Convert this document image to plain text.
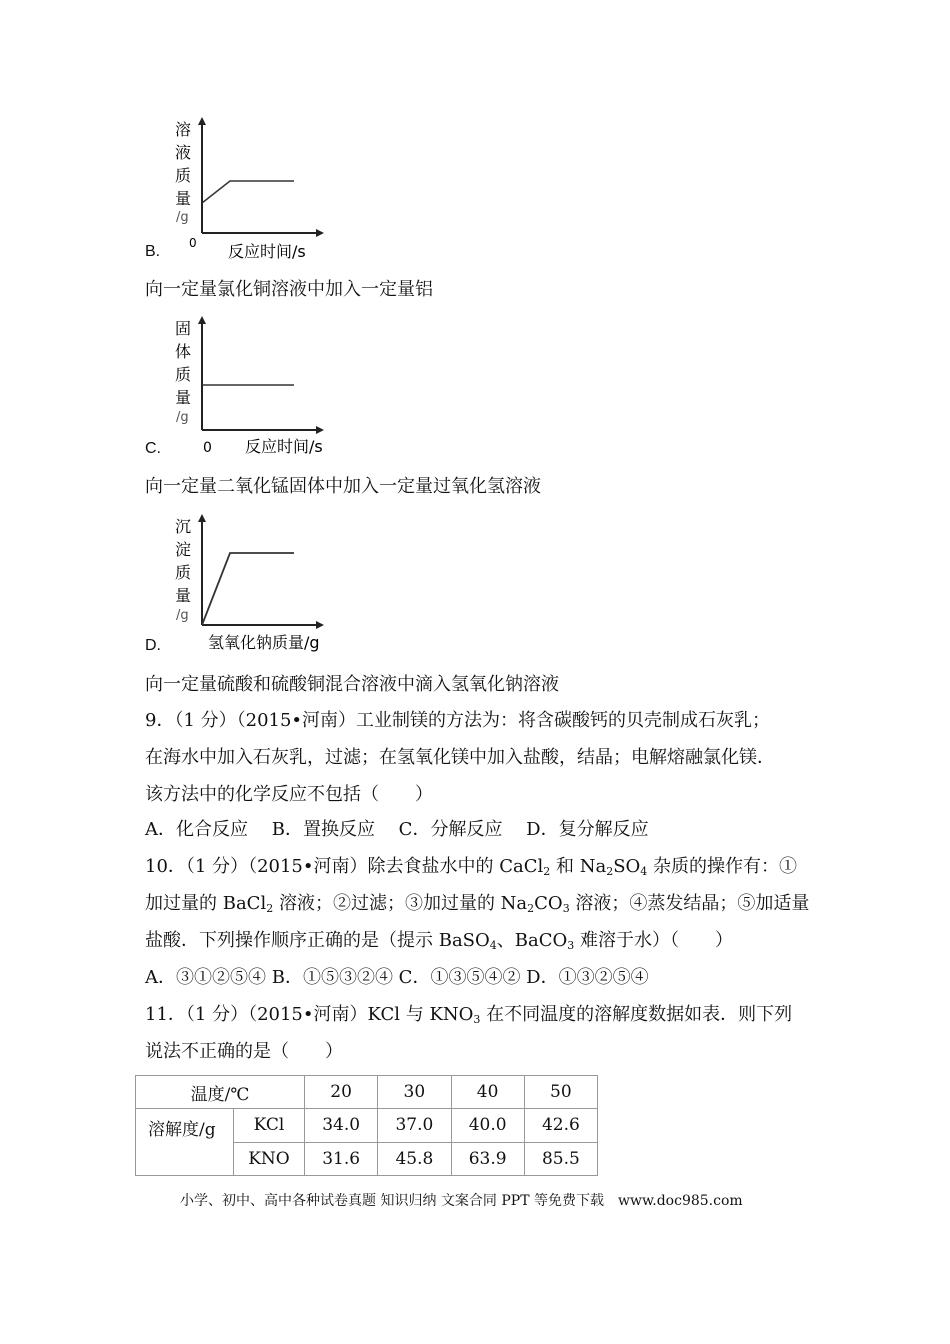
溶
液
质
量
/g
0 反应时间/s
B.
向一定量氯化铜溶液中加入一定量铝
固
体
质
量
/g
0 反应时间/s
C.
向一定量二氧化锰固体中加入一定量过氧化氢溶液
沉
淀
质
量
/g
氢氧化钠质量/g
D.
向一定量硫酸和硫酸铜混合溶液中滴入氢氧化钠溶液
9．（1 分）（2015•河南）工业制镁的方法为：将含碳酸钙的贝壳制成石灰乳；
在海水中加入石灰乳，过滤；在氢氧化镁中加入盐酸，结晶；电解熔融氯化镁．
该方法中的化学反应不包括（　　）
A．化合反应　 B．置换反应　 C．分解反应　 D．复分解反应
10．（1 分）（2015•河南）除去食盐水中的 CaCl$_2$ 和 $Na_2SO_4$ 杂质的操作有：①
加过量的 BaCl$_2$ 溶液；②过滤；③加过量的 $Na_2CO_3$ 溶液；④蒸发结晶；⑤加适量
盐酸．下列操作顺序正确的是（提示 BaSO$_4$、BaCO$_3$ 难溶于水）（　　）
A．③①②⑤④ B．①⑤③②④ C．①③⑤④② D．①③②⑤④
11．（1 分）（2015•河南）KCl 与 $KNO_3$ 在不同温度的溶解度数据如表．则下列
说法不正确的是（　　）
温度/℃		20	30	40	50
溶解度/g	KCl	34.0	37.0	40.0	42.6
	KNO	31.6	45.8	63.9	85.5
小学、初中、高中各种试卷真题 知识归纳 文案合同 PPT 等免费下载　www.doc985.com
